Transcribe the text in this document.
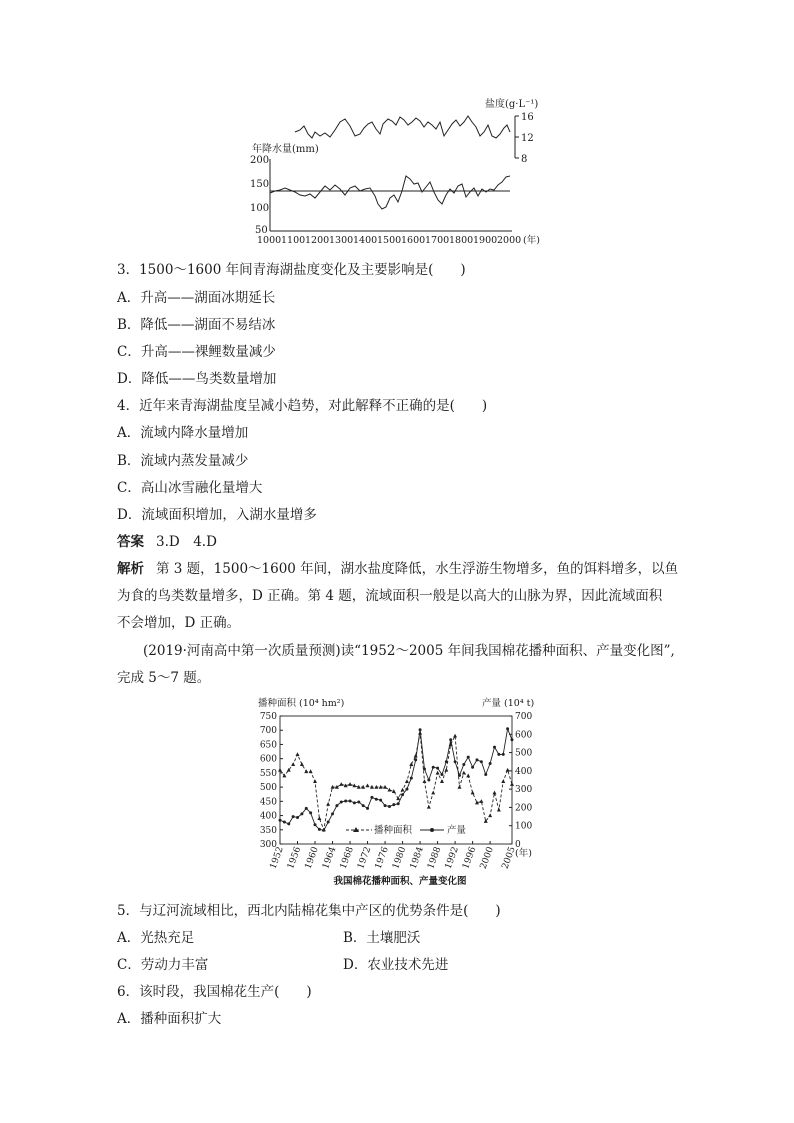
盐度(g·L⁻¹)
16
12
8
年降水量(mm)
200
150
100
50
1000 1100 1200 1300 1400 1500 1600 1700 1800 1900 2000 (年)
3．1500～1600 年间青海湖盐度变化及主要影响是(　　)
A．升高——湖面冰期延长
B．降低——湖面不易结冰
C．升高——裸鲤数量减少
D．降低——鸟类数量增加
4．近年来青海湖盐度呈减小趋势，对此解释不正确的是(　　)
A．流域内降水量增加
B．流域内蒸发量减少
C．高山冰雪融化量增大
D．流域面积增加，入湖水量增多
答案 3.D　4.D
解析 第 3 题，1500～1600 年间，湖水盐度降低，水生浮游生物增多，鱼的饵料增多，以鱼
为食的鸟类数量增多，D 正确。第 4 题，流域面积一般是以高大的山脉为界，因此流域面积
不会增加，D 正确。
(2019·河南高中第一次质量预测)读“1952～2005 年间我国棉花播种面积、产量变化图”,
完成 5～7 题。
播种面积 (10⁴ hm²)	产量 (10⁴ t)
750
700
650
600
550
500
450
400
350
300
700
600
500
400
300
200
100
0
1952 1956 1960 1964 1968 1972 1976 1980 1984 1988 1992 1996 2000 2005
播种面积	产量
(年)
我国棉花播种面积、产量变化图
5．与辽河流域相比，西北内陆棉花集中产区的优势条件是(　　)
A．光热充足	B．土壤肥沃
C．劳动力丰富	D．农业技术先进
6．该时段，我国棉花生产(　　)
A．播种面积扩大
